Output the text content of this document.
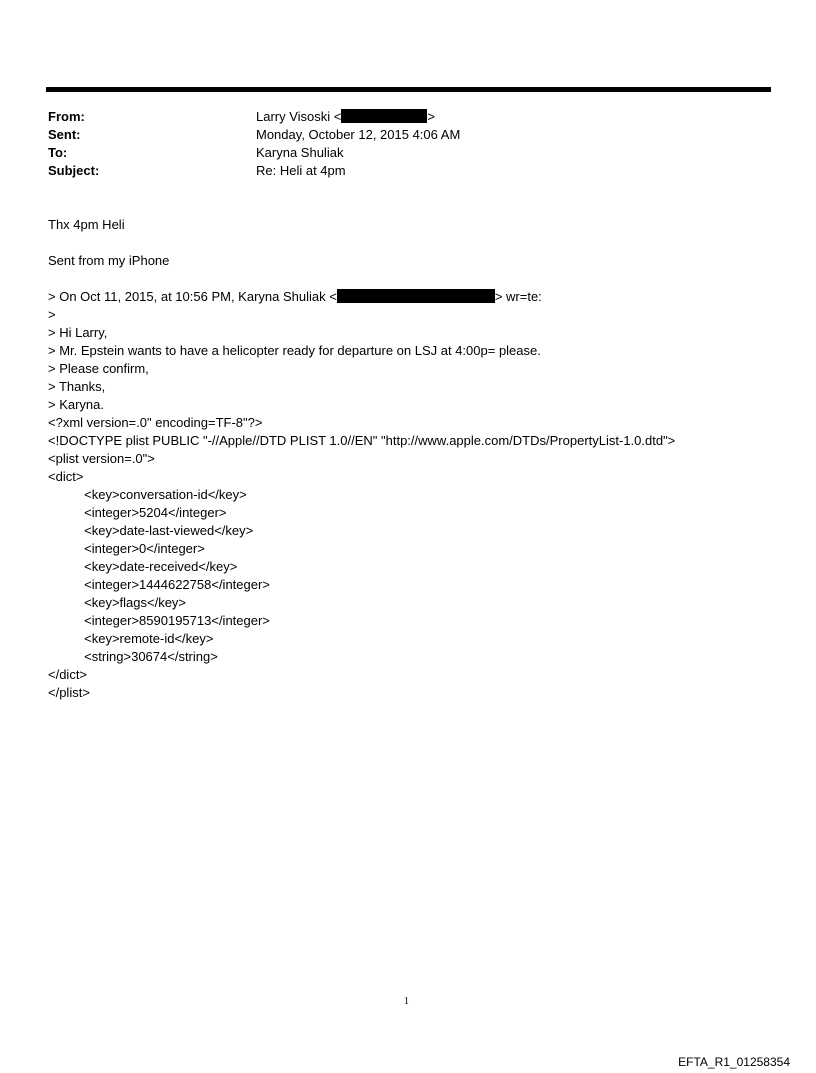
From:	Larry Visoski <	>
Sent:	Monday, October 12, 2015 4:06 AM
To:	Karyna Shuliak
Subject:	Re: Heli at 4pm
Thx 4pm Heli
Sent from my iPhone
> On Oct 11, 2015, at 10:56 PM, Karyna Shuliak <	> wr=te:
>
> Hi Larry,
> Mr. Epstein wants to have a helicopter ready for departure on LSJ at 4:00p= please.
> Please confirm,
> Thanks,
> Karyna.
<?xml version=.0" encoding=TF-8"?>
<!DOCTYPE plist PUBLIC "-//Apple//DTD PLIST 1.0//EN" "http://www.apple.com/DTDs/PropertyList-1.0.dtd">
<plist version=.0">
<dict>
<key>conversation-id</key>
<integer>5204</integer>
<key>date-last-viewed</key>
<integer>0</integer>
<key>date-received</key>
<integer>1444622758</integer>
<key>flags</key>
<integer>8590195713</integer>
<key>remote-id</key>
<string>30674</string>
</dict>
</plist>
1
EFTA_R1_01258354
